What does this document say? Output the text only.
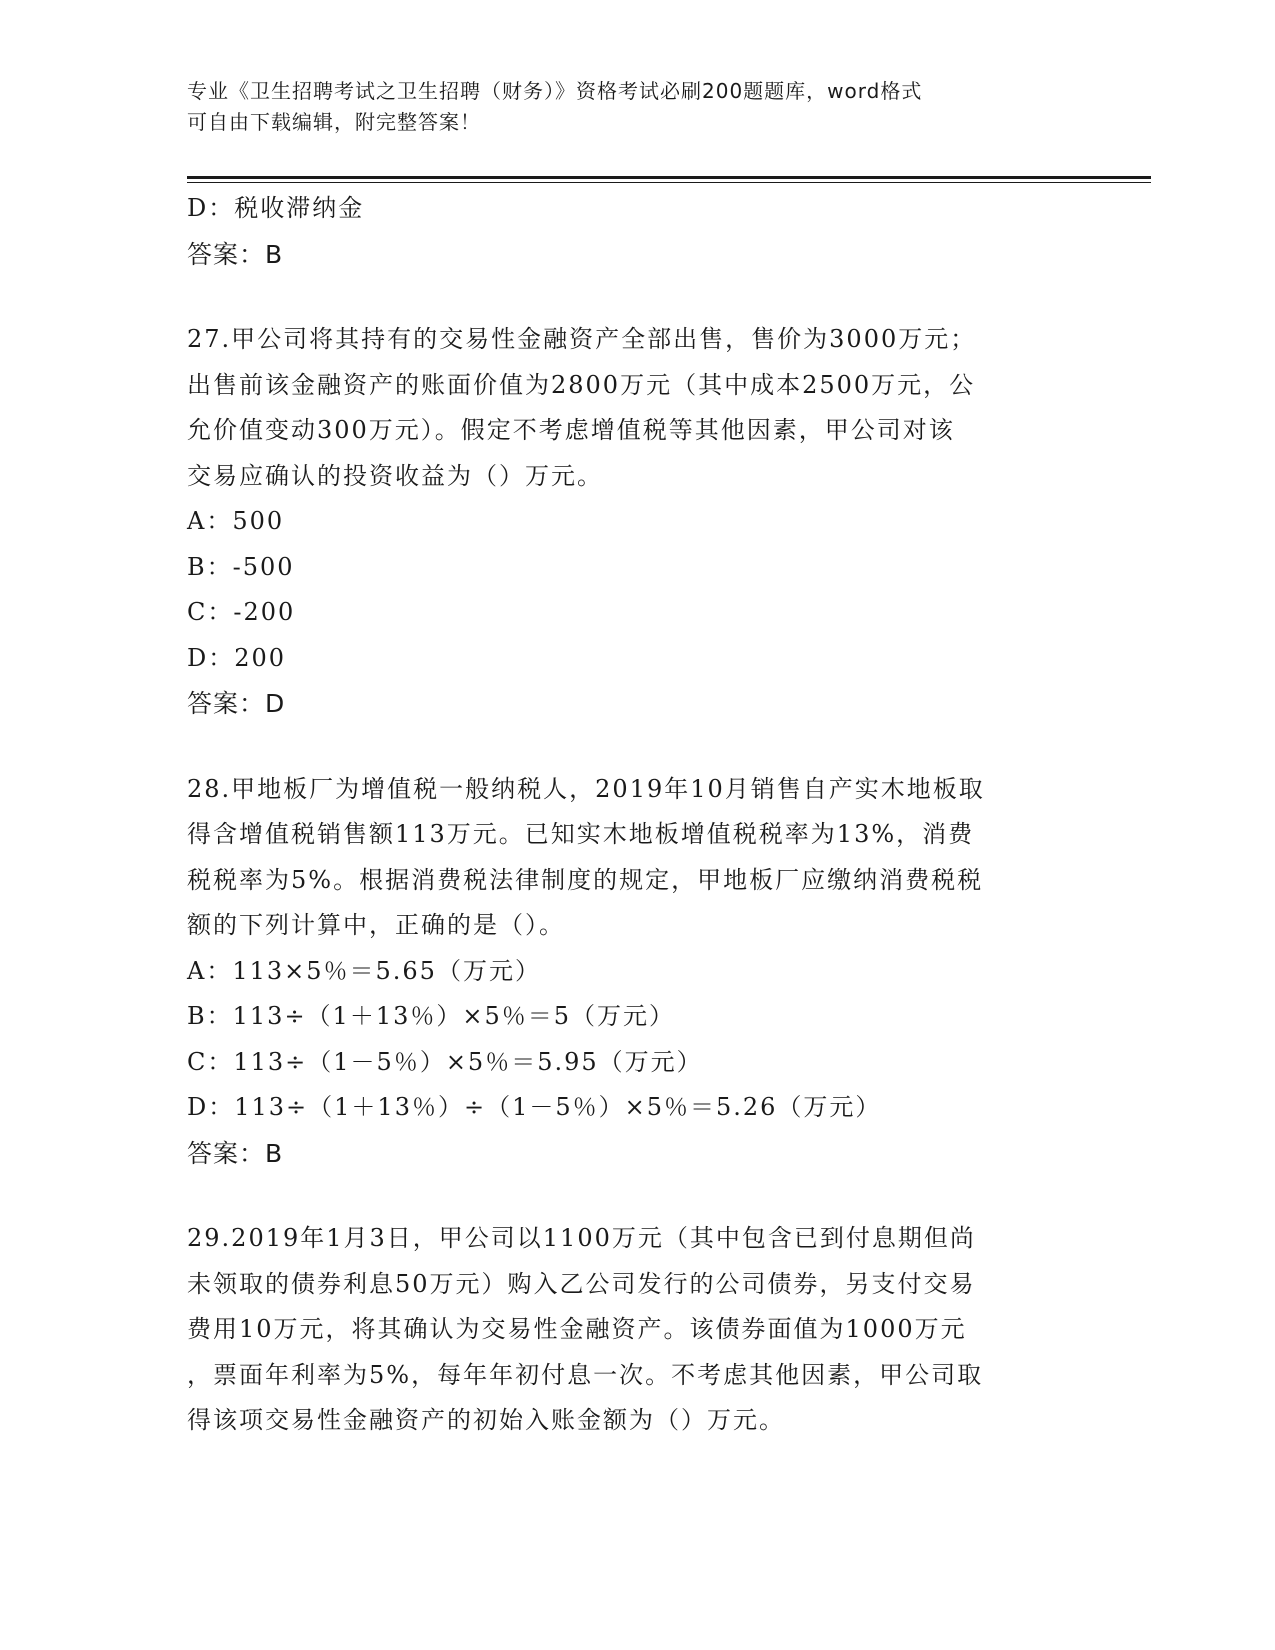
专业《卫生招聘考试之卫生招聘（财务）》资格考试必刷200题题库，word格式
可自由下载编辑，附完整答案！
D：税收滞纳金
答案：B
27.甲公司将其持有的交易性金融资产全部出售，售价为3000万元；
出售前该金融资产的账面价值为2800万元（其中成本2500万元，公
允价值变动300万元）。假定不考虑增值税等其他因素，甲公司对该
交易应确认的投资收益为（）万元。
A：500
B：-500
C：-200
D：200
答案：D
28.甲地板厂为增值税一般纳税人，2019年10月销售自产实木地板取
得含增值税销售额113万元。已知实木地板增值税税率为13%，消费
税税率为5%。根据消费税法律制度的规定，甲地板厂应缴纳消费税税
额的下列计算中，正确的是（）。
A：113×5％＝5.65（万元）
B：113÷（1＋13％）×5％＝5（万元）
C：113÷（1－5％）×5％＝5.95（万元）
D：113÷（1＋13％）÷（1－5％）×5％＝5.26（万元）
答案：B
29.2019年1月3日，甲公司以1100万元（其中包含已到付息期但尚
未领取的债券利息50万元）购入乙公司发行的公司债券，另支付交易
费用10万元，将其确认为交易性金融资产。该债券面值为1000万元
，票面年利率为5%，每年年初付息一次。不考虑其他因素，甲公司取
得该项交易性金融资产的初始入账金额为（）万元。
